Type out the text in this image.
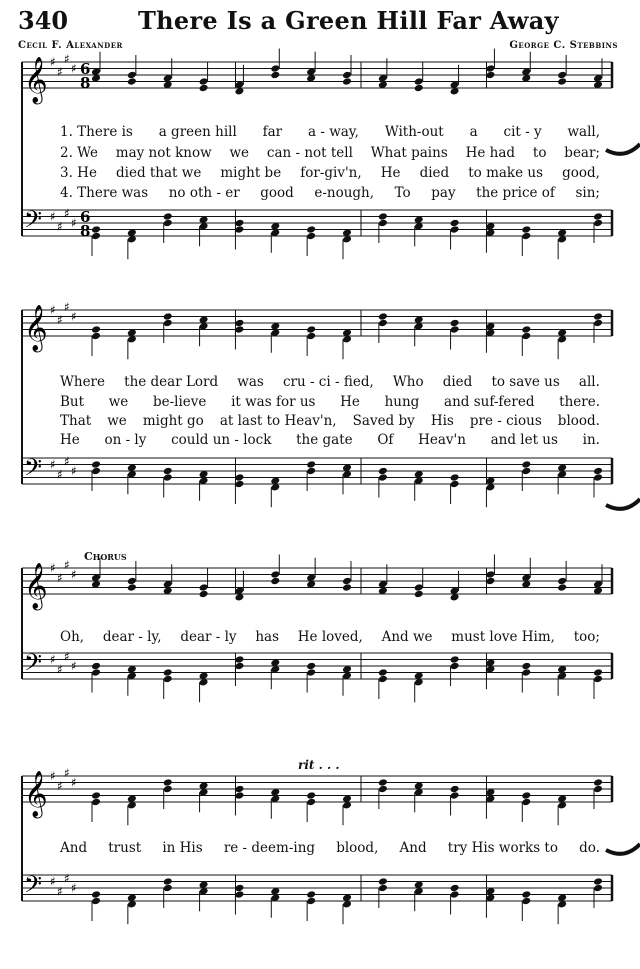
340	There Is a Green Hill Far Away
Cecil F. Alexander	George C. Stebbins
𝄞 ♯
♯
♯
♯
𝄞 ♯
♯
♯
♯
𝄞 ♯
♯
♯
♯
𝄞 ♯
♯
♯
♯
𝄢 ♯
♯
♯
♯
𝄢 ♯
♯
♯
♯
𝄢 ♯
♯
♯
♯
𝄢 ♯
♯
♯
♯
6
8
6
8
Chorus
rit . . .
1. There is a green hill far a - way, With-out a cit - y wall,
2. We may not know we can - not tell What pains He had to bear;
3. He died that we might be for-giv'n, He died to make us good,
4. There was no oth - er good e-nough, To pay the price of sin;
Where the dear Lord was cru - ci - fied, Who died to save us all.
But we be-lieve it was for us He hung and suf-fered there.
That we might go at last to Heav'n, Saved by His pre - cious blood.
He on - ly could un - lock the gate Of Heav'n and let us in.
Oh, dear - ly, dear - ly has He loved, And we must love Him, too;
And trust in His re - deem-ing blood, And try His works to do.
